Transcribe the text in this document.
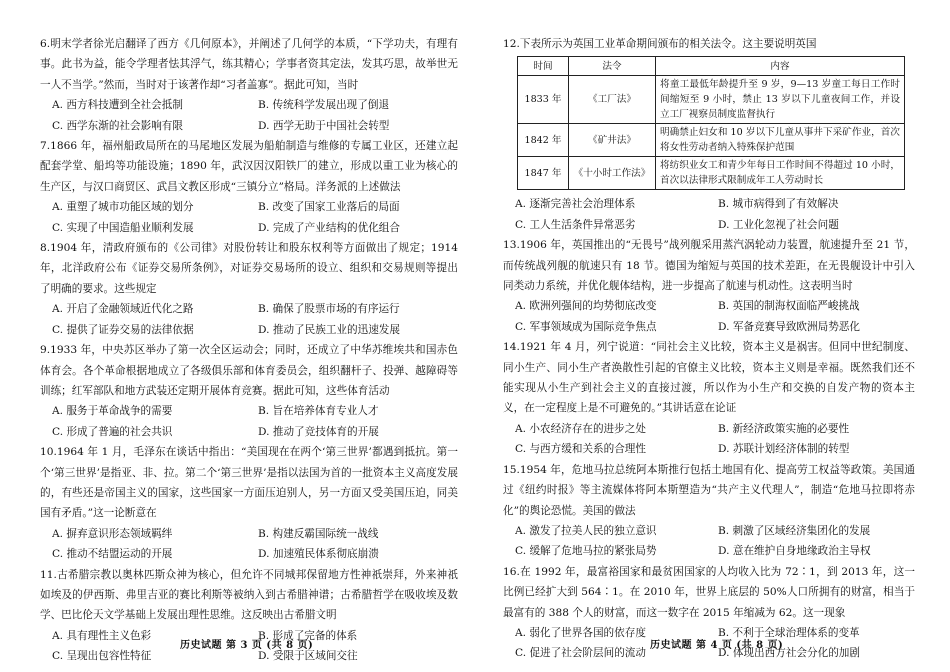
6.明末学者徐光启翻译了西方《几何原本》，并阐述了几何学的本质，“下学功夫，有理有事。此书为益，能令学理者怯其浮气，练其精心；学事者资其定法，发其巧思，故举世无一人不当学。”然而，当时对于该著作却“习者盖寡”。据此可知，当时

A. 西方科技遭到全社会抵制	B. 传统科学发展出现了倒退
C. 西学东渐的社会影响有限	D. 西学无助于中国社会转型

7.1866 年，福州船政局所在的马尾地区发展为船舶制造与维修的专属工业区，还建立起配套学堂、船坞等功能设施；1890 年，武汉因汉阳铁厂的建立，形成以重工业为核心的生产区，与汉口商贸区、武昌文教区形成“三镇分立”格局。洋务派的上述做法

A. 重塑了城市功能区域的划分	B. 改变了国家工业落后的局面
C. 实现了中国造船业顺利发展	D. 完成了产业结构的优化组合

8.1904 年，清政府颁布的《公司律》对股份转让和股东权利等方面做出了规定；1914 年，北洋政府公布《证券交易所条例》，对证券交易场所的设立、组织和交易规则等提出了明确的要求。这些规定

A. 开启了金融领域近代化之路	B. 确保了股票市场的有序运行
C. 提供了证券交易的法律依据	D. 推动了民族工业的迅速发展

9.1933 年，中央苏区举办了第一次全区运动会；同时，还成立了中华苏维埃共和国赤色体育会。各个革命根据地成立了各级俱乐部和体育委员会，组织翻杆子、投弹、越障碍等训练；红军部队和地方武装还定期开展体育竞赛。据此可知，这些体育活动

A. 服务于革命战争的需要	B. 旨在培养体育专业人才
C. 形成了普遍的社会共识	D. 推动了竞技体育的开展

10.1964 年 1 月，毛泽东在谈话中指出：“美国现在在两个‘第三世界’都遇到抵抗。第一个‘第三世界’是指亚、非、拉。第二个‘第三世界’是指以法国为首的一批资本主义高度发展的，有些还是帝国主义的国家，这些国家一方面压迫别人，另一方面又受美国压迫，同美国有矛盾。”这一论断意在

A. 摒弃意识形态领域羁绊	B. 构建反霸国际统一战线
C. 推动不结盟运动的开展	D. 加速殖民体系彻底崩溃

11.古希腊宗教以奥林匹斯众神为核心，但允许不同城邦保留地方性神祇崇拜，外来神祇如埃及的伊西斯、弗里吉亚的赛比利斯等被纳入到古希腊神谱；古希腊哲学在吸收埃及数学、巴比伦天文学基础上发展出理性思维。这反映出古希腊文明

A. 具有理性主义色彩	B. 形成了完备的体系
C. 呈现出包容性特征	D. 受限于区域间交往
历史试题 第 3 页 (共 8 页)

12.下表所示为英国工业革命期间颁布的相关法令。这主要说明英国

时间	法令	内容
1833 年	《工厂法》	将童工最低年龄提升至 9 岁，9—13 岁童工每日工作时间缩短至 9 小时，禁止 13 岁以下儿童夜间工作，并设立工厂视察员制度监督执行
1842 年	《矿井法》	明确禁止妇女和 10 岁以下儿童从事井下采矿作业，首次将女性劳动者纳入特殊保护范围
1847 年	《十小时工作法》	将纺织业女工和青少年每日工作时间不得超过 10 小时，首次以法律形式限制成年工人劳动时长
A. 逐渐完善社会治理体系	B. 城市病得到了有效解决
C. 工人生活条件异常恶劣	D. 工业化忽视了社会问题

13.1906 年，英国推出的“无畏号”战列舰采用蒸汽涡轮动力装置，航速提升至 21 节，而传统战列舰的航速只有 18 节。德国为缩短与英国的技术差距，在无畏舰设计中引入同类动力系统，并优化舰体结构，进一步提高了航速与机动性。这表明当时

A. 欧洲列强间的均势彻底改变	B. 英国的制海权面临严峻挑战
C. 军事领域成为国际竞争焦点	D. 军备竞赛导致欧洲局势恶化

14.1921 年 4 月，列宁说道：“同社会主义比较，资本主义是祸害。但同中世纪制度、同小生产、同小生产者涣散性引起的官僚主义比较，资本主义则是幸福。既然我们还不能实现从小生产到社会主义的直接过渡，所以作为小生产和交换的自发产物的资本主义，在一定程度上是不可避免的。”其讲话意在论证

A. 小农经济存在的进步之处	B. 新经济政策实施的必要性
C. 与西方缓和关系的合理性	D. 苏联计划经济体制的转型

15.1954 年，危地马拉总统阿本斯推行包括土地国有化、提高劳工权益等政策。美国通过《纽约时报》等主流媒体将阿本斯塑造为“共产主义代理人”，制造“危地马拉即将赤化”的舆论恐慌。美国的做法

A. 激发了拉美人民的独立意识	B. 刺激了区域经济集团化的发展
C. 缓解了危地马拉的紧张局势	D. 意在维护自身地缘政治主导权

16.在 1992 年，最富裕国家和最贫困国家的人均收入比为 72∶1，到 2013 年，这一比例已经扩大到 564∶1。在 2010 年，世界上底层的 50%人口所拥有的财富，相当于最富有的 388 个人的财富，而这一数字在 2015 年缩减为 62。这一现象

A. 弱化了世界各国的依存度	B. 不利于全球治理体系的变革
C. 促进了社会阶层间的流动	D. 体现出西方社会分化的加剧
历史试题 第 4 页 (共 8 页)
